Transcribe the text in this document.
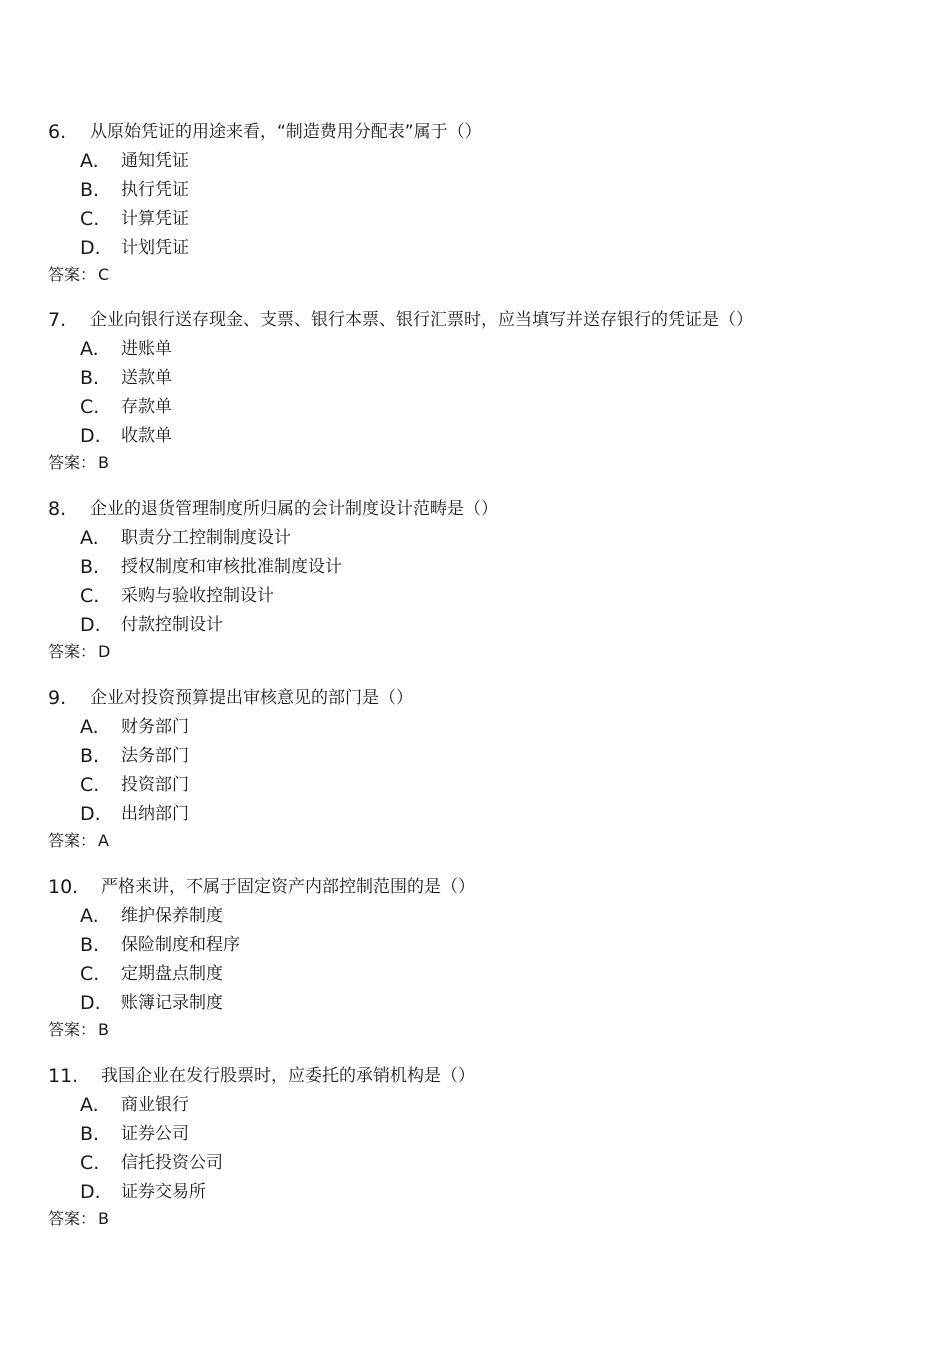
6. 从原始凭证的用途来看，“制造费用分配表”属于（）
A. 通知凭证
B. 执行凭证
C. 计算凭证
D. 计划凭证
答案： C
7. 企业向银行送存现金、支票、银行本票、银行汇票时，应当填写并送存银行的凭证是（）
A. 进账单
B. 送款单
C. 存款单
D. 收款单
答案： B
8. 企业的退货管理制度所归属的会计制度设计范畴是（）
A. 职责分工控制制度设计
B. 授权制度和审核批准制度设计
C. 采购与验收控制设计
D. 付款控制设计
答案： D
9. 企业对投资预算提出审核意见的部门是（）
A. 财务部门
B. 法务部门
C. 投资部门
D. 出纳部门
答案： A
10. 严格来讲，不属于固定资产内部控制范围的是（）
A. 维护保养制度
B. 保险制度和程序
C. 定期盘点制度
D. 账簿记录制度
答案： B
11. 我国企业在发行股票时，应委托的承销机构是（）
A. 商业银行
B. 证券公司
C. 信托投资公司
D. 证券交易所
答案： B
